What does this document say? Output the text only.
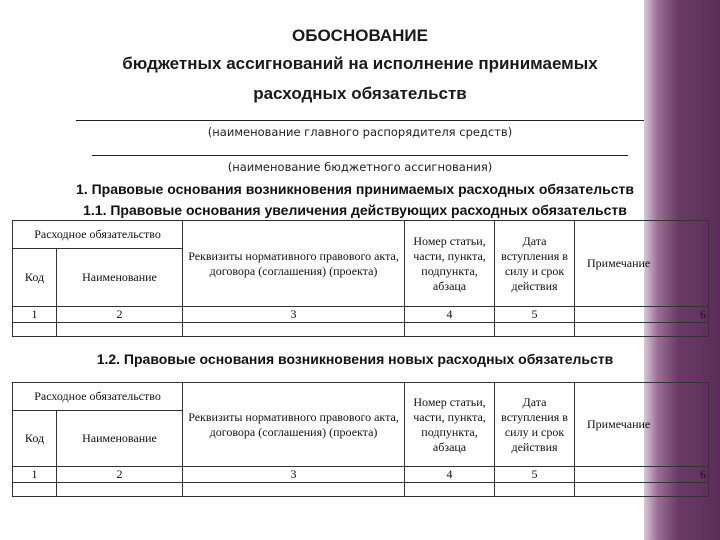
ОБОСНОВАНИЕ
бюджетных ассигнований на исполнение принимаемых
расходных обязательств
(наименование главного распорядителя средств)
(наименование бюджетного ассигнования)
1. Правовые основания возникновения принимаемых расходных обязательств
1.1. Правовые основания увеличения действующих расходных обязательств
Расходное обязательство		Реквизиты нормативного правового акта, договора (соглашения) (проекта)	Номер статьи, части, пункта, подпункта, абзаца	Дата вступления в силу и срок действия	Примечание
Код	Наименование				
1	2	3	4	5	6

1.2. Правовые основания возникновения новых расходных обязательств
Расходное обязательство		Реквизиты нормативного правового акта, договора (соглашения) (проекта)	Номер статьи, части, пункта, подпункта, абзаца	Дата вступления в силу и срок действия	Примечание
Код	Наименование				
1	2	3	4	5	6
